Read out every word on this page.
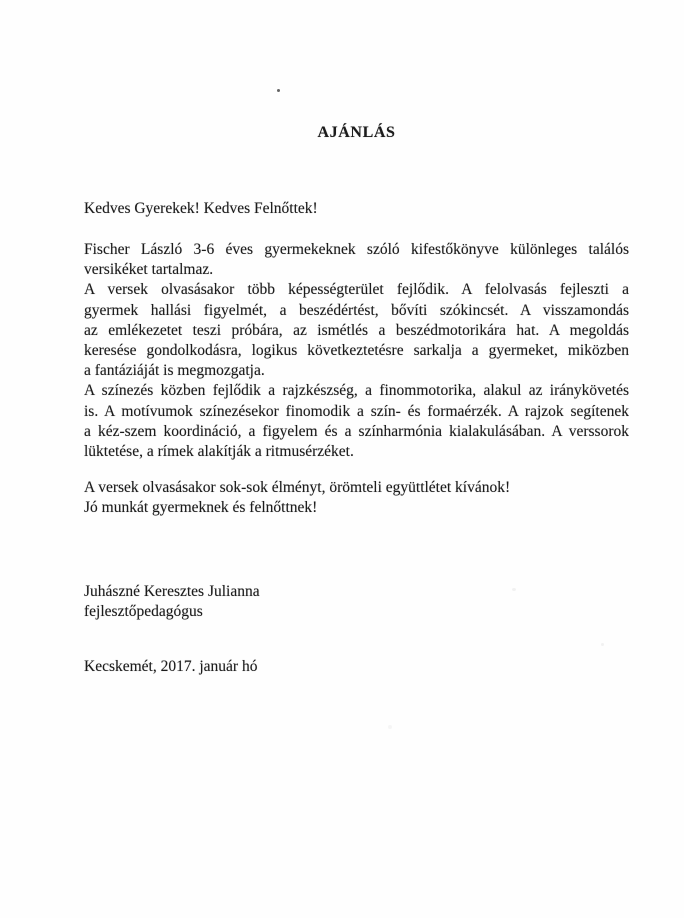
AJÁNLÁS

Kedves Gyerekek! Kedves Felnőttek!

Fischer László 3-6 éves gyermekeknek szóló kifestőkönyve különleges találós
versikéket tartalmaz.
A versek olvasásakor több képességterület fejlődik. A felolvasás fejleszti a
gyermek hallási figyelmét, a beszédértést, bővíti szókincsét. A visszamondás
az emlékezetet teszi próbára, az ismétlés a beszédmotorikára hat. A megoldás
keresése gondolkodásra, logikus következtetésre sarkalja a gyermeket, miközben
a fantáziáját is megmozgatja.
A színezés közben fejlődik a rajzkészség, a finommotorika, alakul az iránykövetés
is. A motívumok színezésekor finomodik a szín- és formaérzék. A rajzok segítenek
a kéz-szem koordináció, a figyelem és a színharmónia kialakulásában. A verssorok
lüktetése, a rímek alakítják a ritmusérzéket.
A versek olvasásakor sok-sok élményt, örömteli együttlétet kívánok!
Jó munkát gyermeknek és felnőttnek!
Juhászné Keresztes Julianna
fejlesztőpedagógus
Kecskemét, 2017. január hó
